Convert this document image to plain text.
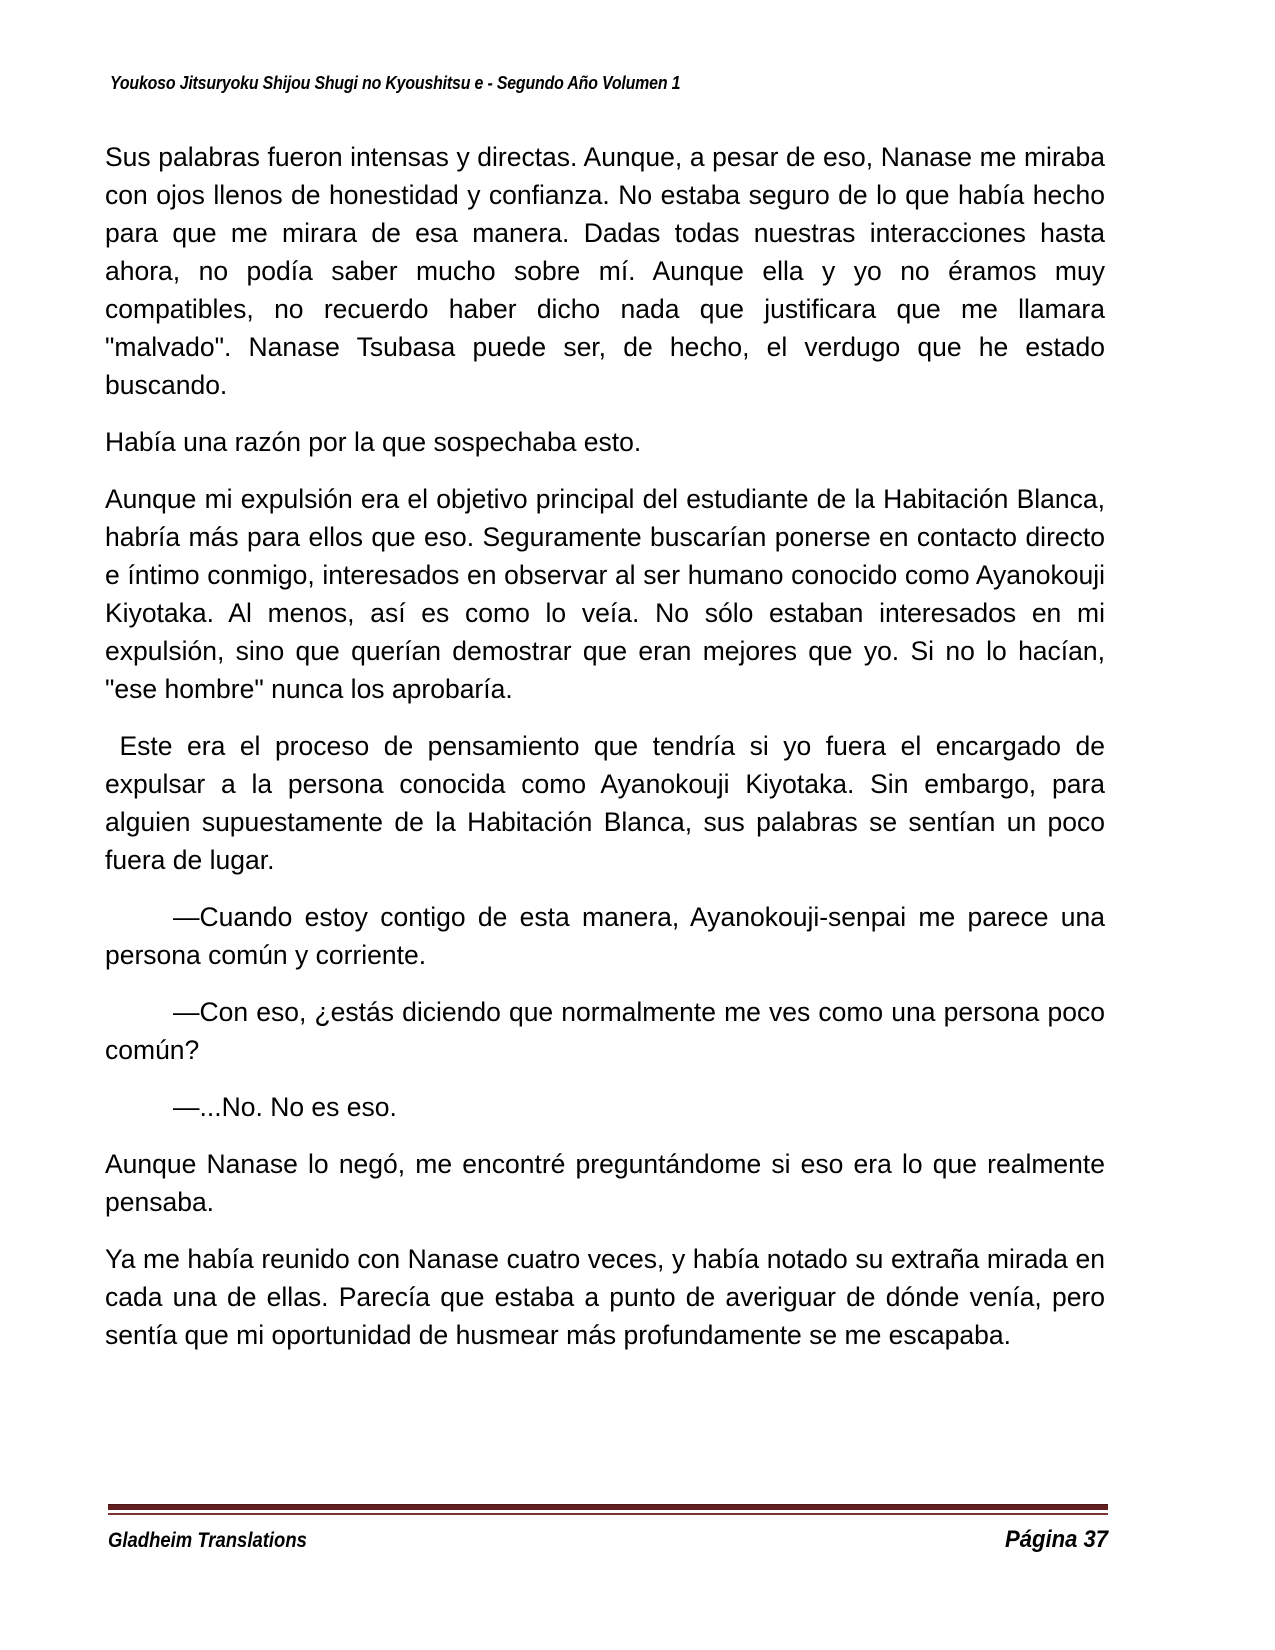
Youkoso Jitsuryoku Shijou Shugi no Kyoushitsu e - Segundo Año Volumen 1

Sus palabras fueron intensas y directas. Aunque, a pesar de eso, Nanase me miraba con ojos llenos de honestidad y confianza. No estaba seguro de lo que había hecho para que me mirara de esa manera. Dadas todas nuestras interacciones hasta ahora, no podía saber mucho sobre mí. Aunque ella y yo no éramos muy compatibles, no recuerdo haber dicho nada que justificara que me llamara "malvado". Nanase Tsubasa puede ser, de hecho, el verdugo que he estado buscando.

Había una razón por la que sospechaba esto.

Aunque mi expulsión era el objetivo principal del estudiante de la Habitación Blanca, habría más para ellos que eso. Seguramente buscarían ponerse en contacto directo e íntimo conmigo, interesados en observar al ser humano conocido como Ayanokouji Kiyotaka. Al menos, así es como lo veía. No sólo estaban interesados en mi expulsión, sino que querían demostrar que eran mejores que yo. Si no lo hacían, "ese hombre" nunca los aprobaría.

Este era el proceso de pensamiento que tendría si yo fuera el encargado de expulsar a la persona conocida como Ayanokouji Kiyotaka. Sin embargo, para alguien supuestamente de la Habitación Blanca, sus palabras se sentían un poco fuera de lugar.

—Cuando estoy contigo de esta manera, Ayanokouji-senpai me parece una persona común y corriente.

—Con eso, ¿estás diciendo que normalmente me ves como una persona poco común?

—...No. No es eso.

Aunque Nanase lo negó, me encontré preguntándome si eso era lo que realmente pensaba.

Ya me había reunido con Nanase cuatro veces, y había notado su extraña mirada en cada una de ellas. Parecía que estaba a punto de averiguar de dónde venía, pero sentía que mi oportunidad de husmear más profundamente se me escapaba.

Gladheim Translations	Página 37
